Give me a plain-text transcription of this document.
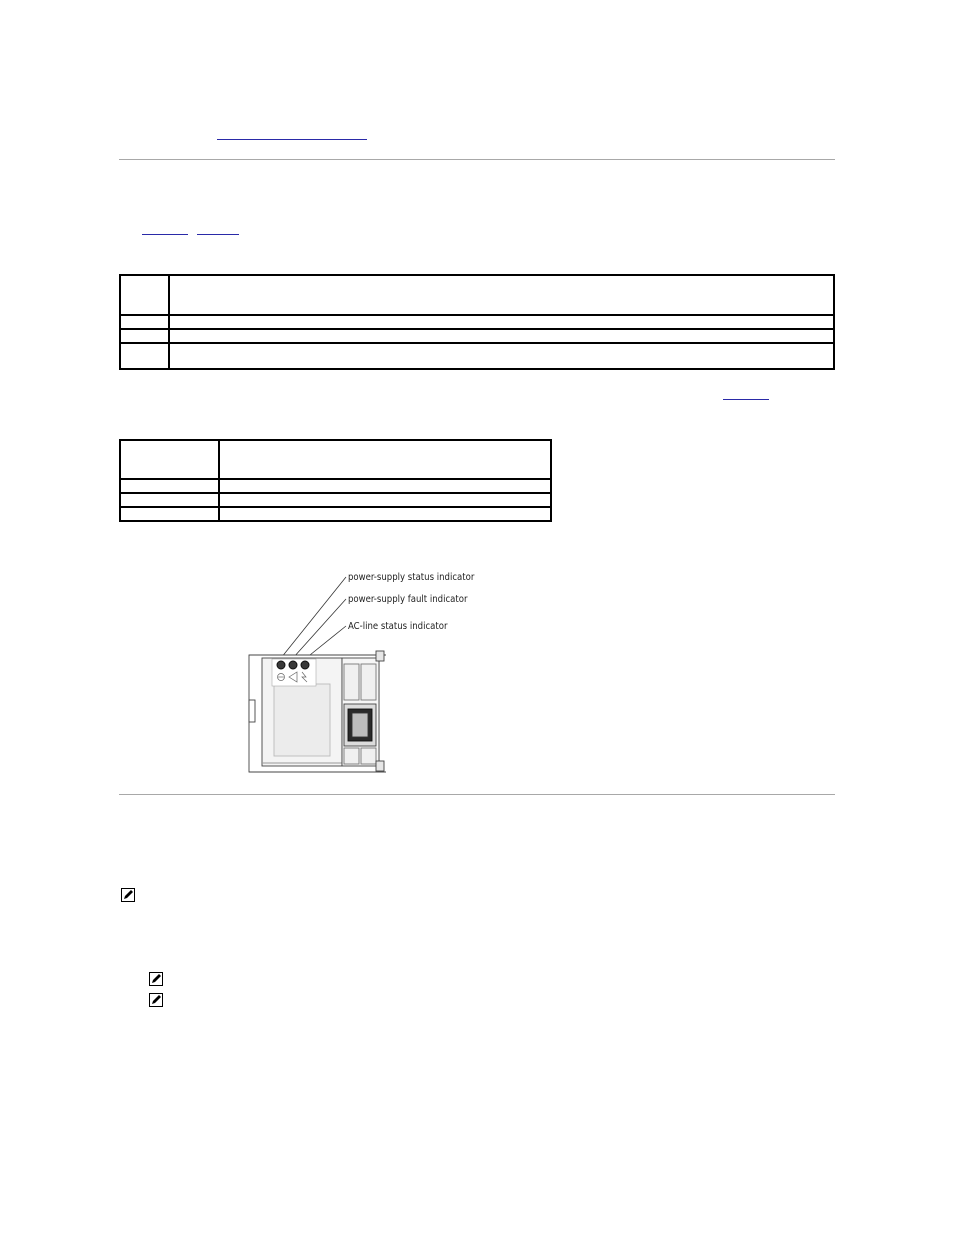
power-supply status indicator
power-supply fault indicator
AC-line status indicator
